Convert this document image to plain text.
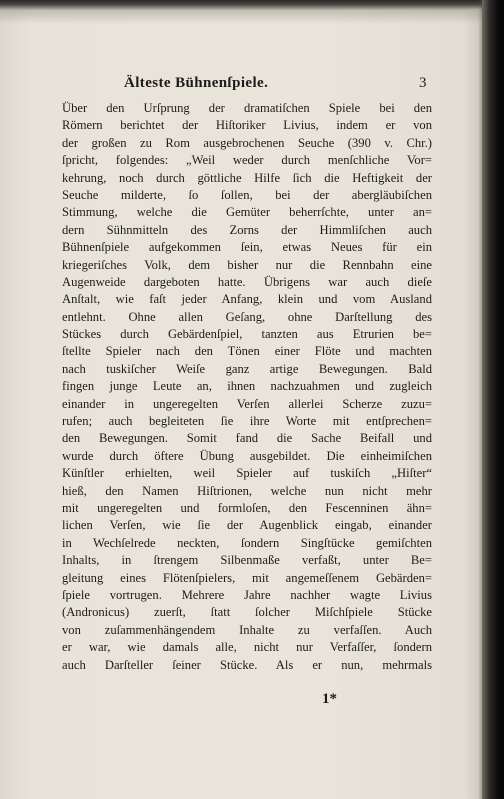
Älteste Bühnenſpiele.	3
Über den Urſprung der dramatiſchen Spiele bei den
Römern berichtet der Hiſtoriker Livius, indem er von
der großen zu Rom ausgebrochenen Seuche (390 v. Chr.)
ſpricht, folgendes: „Weil weder durch menſchliche Vor=
kehrung, noch durch göttliche Hilfe ſich die Heftigkeit der
Seuche milderte, ſo ſollen, bei der abergläubiſchen
Stimmung, welche die Gemüter beherrſchte, unter an=
dern Sühnmitteln des Zorns der Himmliſchen auch
Bühnenſpiele aufgekommen ſein, etwas Neues für ein
kriegeriſches Volk, dem bisher nur die Rennbahn eine
Augenweide dargeboten hatte. Übrigens war auch dieſe
Anſtalt, wie faſt jeder Anfang, klein und vom Ausland
entlehnt. Ohne allen Geſang, ohne Darſtellung des
Stückes durch Gebärdenſpiel, tanzten aus Etrurien be=
ſtellte Spieler nach den Tönen einer Flöte und machten
nach tuskiſcher Weiſe ganz artige Bewegungen. Bald
fingen junge Leute an, ihnen nachzuahmen und zugleich
einander in ungeregelten Verſen allerlei Scherze zuzu=
rufen; auch begleiteten ſie ihre Worte mit entſprechen=
den Bewegungen. Somit fand die Sache Beifall und
wurde durch öftere Übung ausgebildet. Die einheimiſchen
Künſtler erhielten, weil Spieler auf tuskiſch „Hiſter“
hieß, den Namen Hiſtrionen, welche nun nicht mehr
mit ungeregelten und formloſen, den Fescenninen ähn=
lichen Verſen, wie ſie der Augenblick eingab, einander
in Wechſelrede neckten, ſondern Singſtücke gemiſchten
Inhalts, in ſtrengem Silbenmaße verfaßt, unter Be=
gleitung eines Flötenſpielers, mit angemeſſenem Gebärden=
ſpiele vortrugen. Mehrere Jahre nachher wagte Livius
(Andronicus) zuerſt, ſtatt ſolcher Miſchſpiele Stücke
von zuſammenhängendem Inhalte zu verfaſſen. Auch
er war, wie damals alle, nicht nur Verfaſſer, ſondern
auch Darſteller ſeiner Stücke. Als er nun, mehrmals
1*
